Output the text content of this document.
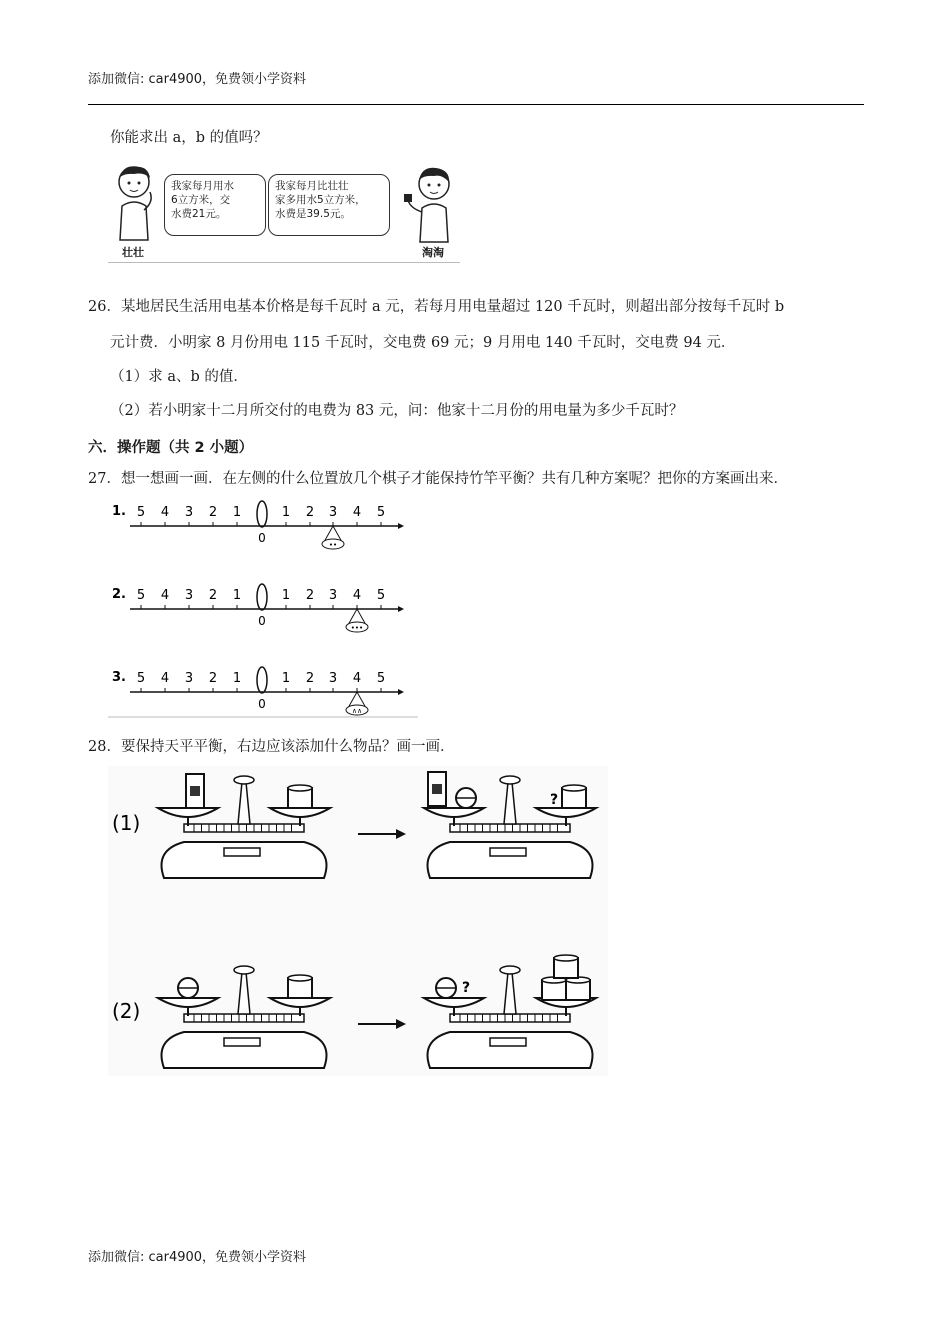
添加微信: car4900，免费领小学资料
你能求出 a，b 的值吗？
壮壮
我家每月用水
6立方米，交
水费21元。
我家每月比壮壮
家多用水5立方米，
水费是39.5元。
淘淘
26．某地居民生活用电基本价格是每千瓦时 a 元，若每月用电量超过 120 千瓦时，则超出部分按每千瓦时 b
元计费．小明家 8 月份用电 115 千瓦时，交电费 69 元；9 月用电 140 千瓦时，交电费 94 元．
（1）求 a、b 的值．
（2）若小明家十二月所交付的电费为 83 元，问：他家十二月份的用电量为多少千瓦时？
六．操作题（共 2 小题）
27．想一想画一画．在左侧的什么位置放几个棋子才能保持竹竿平衡？共有几种方案呢？把你的方案画出来．
1. 5 4 3 2 1	1 2 3 4 5
0	••
2. 5 4 3 2 1	1 2 3 4 5
0	•••
3. 5 4 3 2 1	1 2 3 4 5
0	∧∧
28．要保持天平平衡，右边应该添加什么物品？画一画．
(1)
(2)
?
?
添加微信: car4900，免费领小学资料
